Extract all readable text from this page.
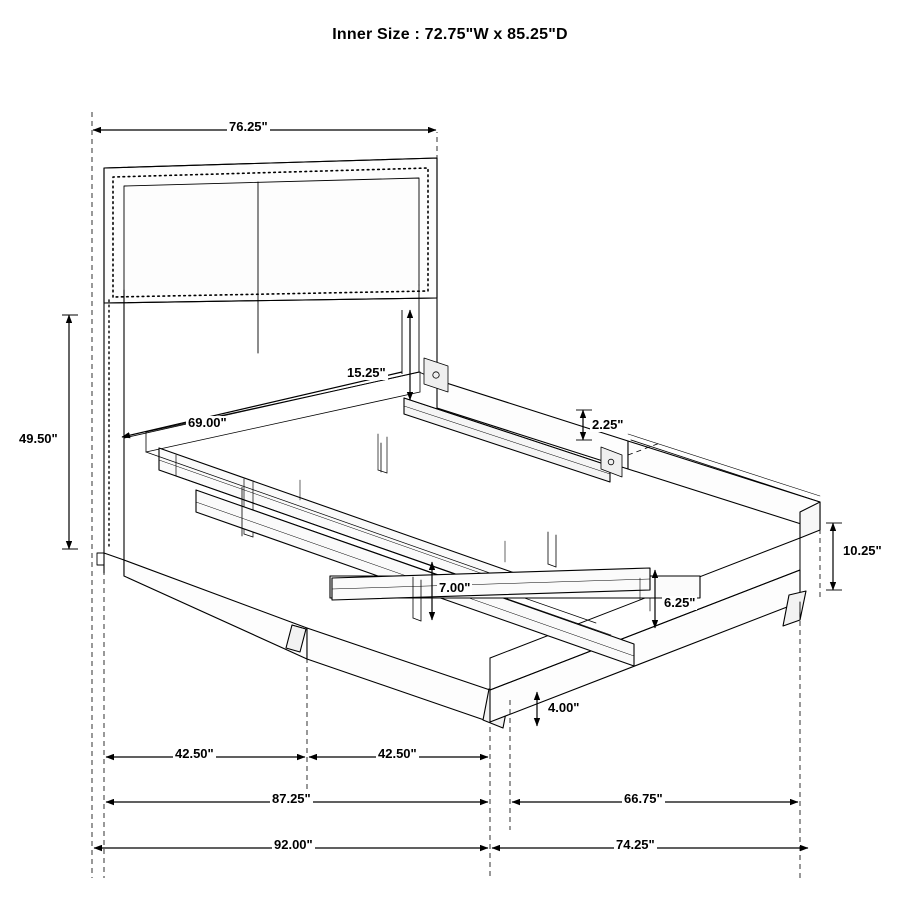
Inner Size : 72.75"W x 85.25"D
76.25"
49.50"
69.00"
15.25"
2.25"
10.25"
7.00"
6.25"
4.00"
42.50"	42.50"
87.25"	66.75"
92.00"	74.25"
